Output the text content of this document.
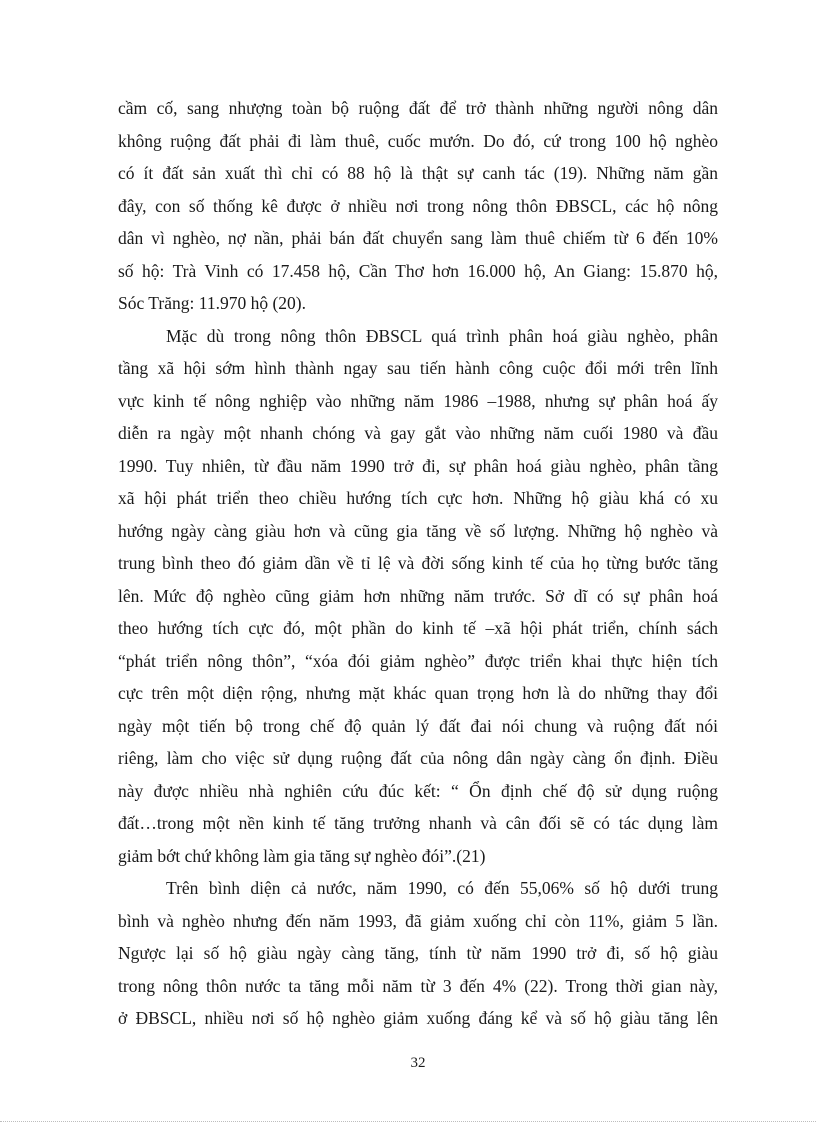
cầm cố, sang nhượng toàn bộ ruộng đất để trở thành những người nông dân
không ruộng đất phải đi làm thuê, cuốc mướn. Do đó, cứ trong 100 hộ nghèo
có ít đất sản xuất thì chỉ có 88 hộ là thật sự canh tác (19). Những năm gần
đây, con số thống kê được ở nhiều nơi trong nông thôn ĐBSCL, các hộ nông
dân vì nghèo, nợ nần, phải bán đất chuyển sang làm thuê chiếm từ 6 đến 10%
số hộ: Trà Vinh có 17.458 hộ, Cần Thơ hơn 16.000 hộ, An Giang: 15.870 hộ,
Sóc Trăng: 11.970 hộ (20).
Mặc dù trong nông thôn ĐBSCL quá trình phân hoá giàu nghèo, phân
tầng xã hội sớm hình thành ngay sau tiến hành công cuộc đổi mới trên lĩnh
vực kinh tế nông nghiệp vào những năm 1986 –1988, nhưng sự phân hoá ấy
diễn ra ngày một nhanh chóng và gay gắt vào những năm cuối 1980 và đầu
1990. Tuy nhiên, từ đầu năm 1990 trở đi, sự phân hoá giàu nghèo, phân tầng
xã hội phát triển theo chiều hướng tích cực hơn. Những hộ giàu khá có xu
hướng ngày càng giàu hơn và cũng gia tăng về số lượng. Những hộ nghèo và
trung bình theo đó giảm dần về tỉ lệ và đời sống kinh tế của họ từng bước tăng
lên. Mức độ nghèo cũng giảm hơn những năm trước. Sở dĩ có sự phân hoá
theo hướng tích cực đó, một phần do kinh tế –xã hội phát triển, chính sách
“phát triển nông thôn”, “xóa đói giảm nghèo” được triển khai thực hiện tích
cực trên một diện rộng, nhưng mặt khác quan trọng hơn là do những thay đổi
ngày một tiến bộ trong chế độ quản lý đất đai nói chung và ruộng đất nói
riêng, làm cho việc sử dụng ruộng đất của nông dân ngày càng ổn định. Điều
này được nhiều nhà nghiên cứu đúc kết: “ Ổn định chế độ sử dụng ruộng
đất…trong một nền kinh tế tăng trưởng nhanh và cân đối sẽ có tác dụng làm
giảm bớt chứ không làm gia tăng sự nghèo đói”.(21)
Trên bình diện cả nước, năm 1990, có đến 55,06% số hộ dưới trung
bình và nghèo nhưng đến năm 1993, đã giảm xuống chỉ còn 11%, giảm 5 lần.
Ngược lại số hộ giàu ngày càng tăng, tính từ năm 1990 trở đi, số hộ giàu
trong nông thôn nước ta tăng mỗi năm từ 3 đến 4% (22). Trong thời gian này,
ở ĐBSCL, nhiều nơi số hộ nghèo giảm xuống đáng kể và số hộ giàu tăng lên
32
